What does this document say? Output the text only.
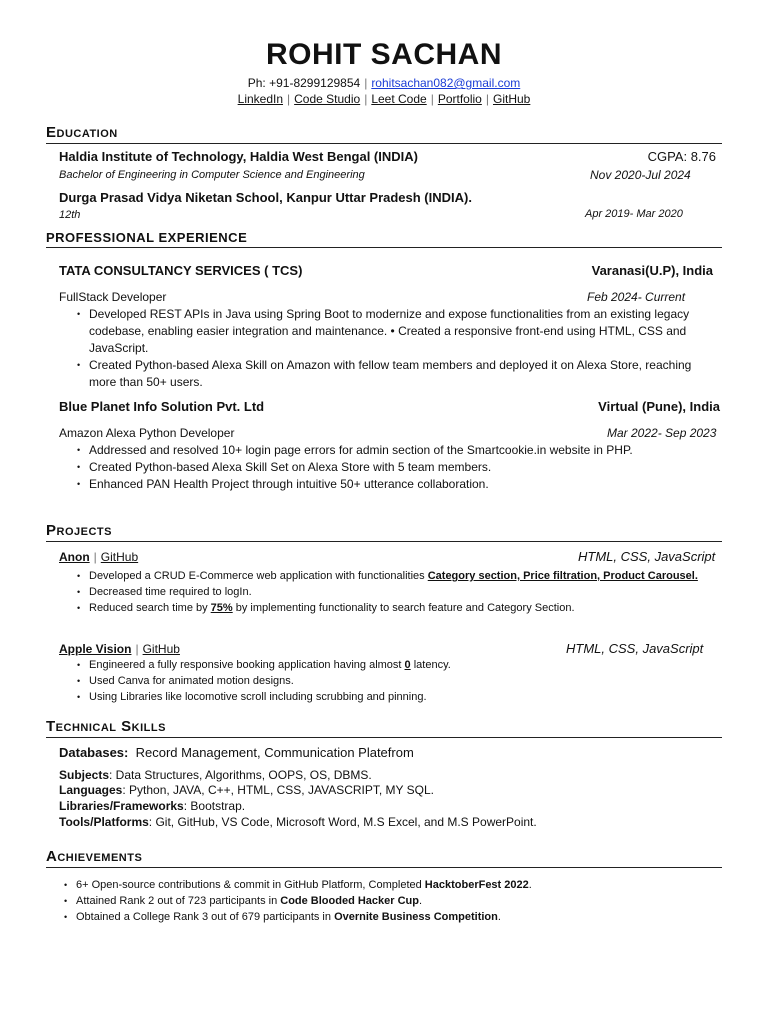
ROHIT SACHAN
Ph: +91-8299129854 | rohitsachan082@gmail.com
LinkedIn | Code Studio | Leet Code | Portfolio | GitHub
Education
Haldia Institute of Technology, Haldia West Bengal (INDIA)	CGPA: 8.76
Bachelor of Engineering in Computer Science and Engineering	Nov 2020-Jul 2024
Durga Prasad Vidya Niketan School, Kanpur Uttar Pradesh (INDIA).
12th	Apr 2019- Mar 2020
PROFESSIONAL EXPERIENCE
TATA CONSULTANCY SERVICES ( TCS)	Varanasi(U.P), India
FullStack Developer	Feb 2024- Current
• Developed REST APIs in Java using Spring Boot to modernize and expose functionalities from an existing legacy codebase, enabling easier integration and maintenance. • Created a responsive front-end using HTML, CSS and JavaScript.
• Created Python-based Alexa Skill on Amazon with fellow team members and deployed it on Alexa Store, reaching more than 50+ users.
Blue Planet Info Solution Pvt. Ltd	Virtual (Pune), India
Amazon Alexa Python Developer	Mar 2022- Sep 2023
• Addressed and resolved 10+ login page errors for admin section of the Smartcookie.in website in PHP.
• Created Python-based Alexa Skill Set on Alexa Store with 5 team members.
• Enhanced PAN Health Project through intuitive 50+ utterance collaboration.
Projects
Anon | GitHub	HTML, CSS, JavaScript
• Developed a CRUD E-Commerce web application with functionalities Category section, Price filtration, Product Carousel.
• Decreased time required to logIn.
• Reduced search time by 75% by implementing functionality to search feature and Category Section.
Apple Vision | GitHub	HTML, CSS, JavaScript
• Engineered a fully responsive booking application having almost 0 latency.
• Used Canva for animated motion designs.
• Using Libraries like locomotive scroll including scrubbing and pinning.
Technical Skills
Databases: Record Management, Communication Platefrom
Subjects: Data Structures, Algorithms, OOPS, OS, DBMS.
Languages: Python, JAVA, C++, HTML, CSS, JAVASCRIPT, MY SQL.
Libraries/Frameworks: Bootstrap.
Tools/Platforms: Git, GitHub, VS Code, Microsoft Word, M.S Excel, and M.S PowerPoint.
Achievements
• 6+ Open-source contributions & commit in GitHub Platform, Completed HacktoberFest 2022.
• Attained Rank 2 out of 723 participants in Code Blooded Hacker Cup.
• Obtained a College Rank 3 out of 679 participants in Overnite Business Competition.
